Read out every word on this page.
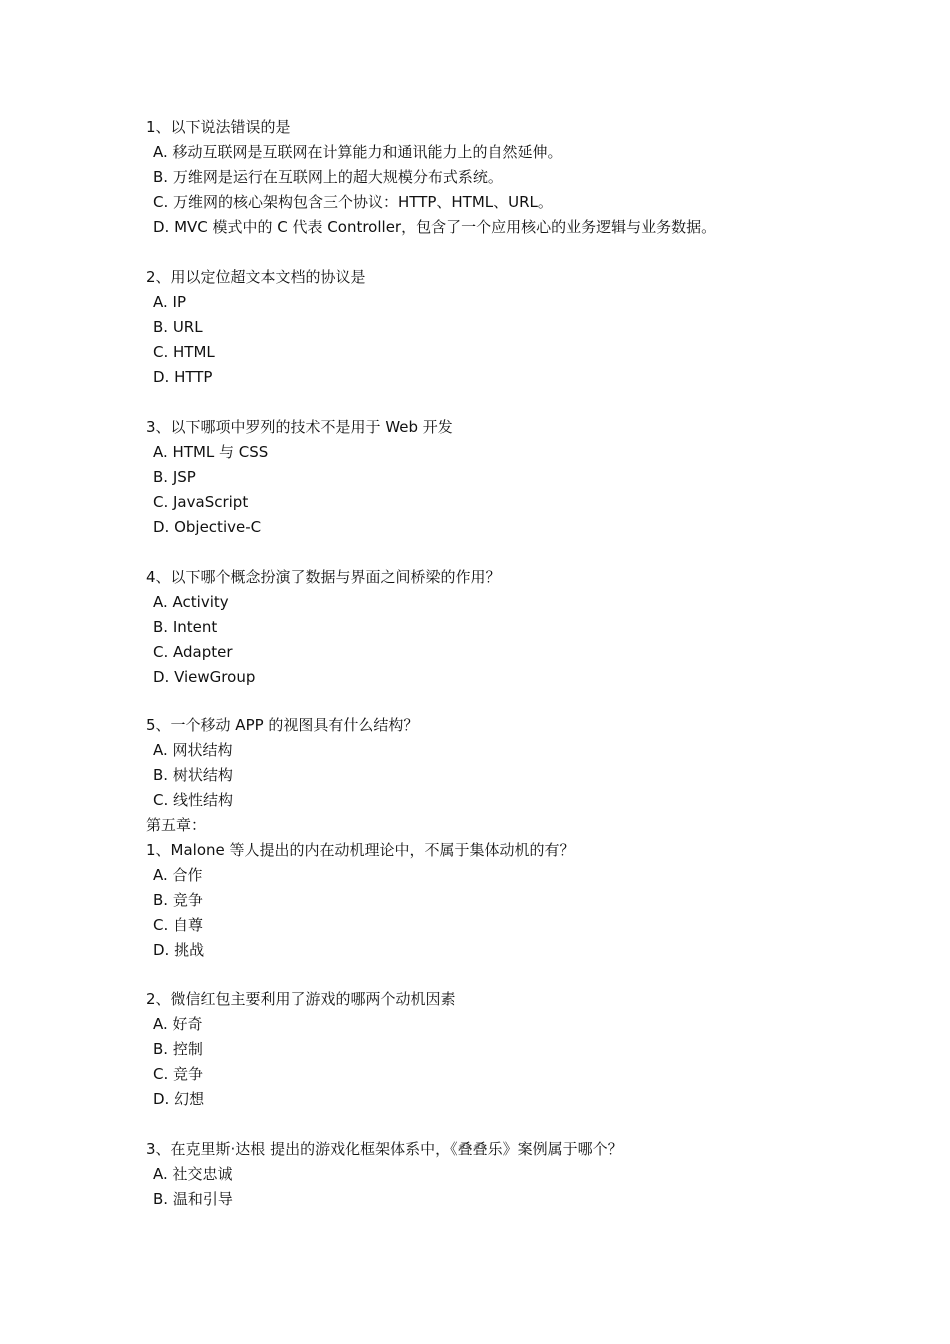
1、以下说法错误的是
A. 移动互联网是互联网在计算能力和通讯能力上的自然延伸。
B. 万维网是运行在互联网上的超大规模分布式系统。
C. 万维网的核心架构包含三个协议：HTTP、HTML、URL。
D. MVC 模式中的 C 代表 Controller，包含了一个应用核心的业务逻辑与业务数据。
2、用以定位超文本文档的协议是
A. IP
B. URL
C. HTML
D. HTTP
3、以下哪项中罗列的技术不是用于 Web 开发
A. HTML 与 CSS
B. JSP
C. JavaScript
D. Objective-C
4、以下哪个概念扮演了数据与界面之间桥梁的作用？
A. Activity
B. Intent
C. Adapter
D. ViewGroup
5、一个移动 APP 的视图具有什么结构？
A. 网状结构
B. 树状结构
C. 线性结构
第五章：
1、Malone 等人提出的内在动机理论中，不属于集体动机的有？
A. 合作
B. 竞争
C. 自尊
D. 挑战
2、微信红包主要利用了游戏的哪两个动机因素
A. 好奇
B. 控制
C. 竞争
D. 幻想
3、在克里斯·达根 提出的游戏化框架体系中，《叠叠乐》案例属于哪个？
A. 社交忠诚
B. 温和引导
